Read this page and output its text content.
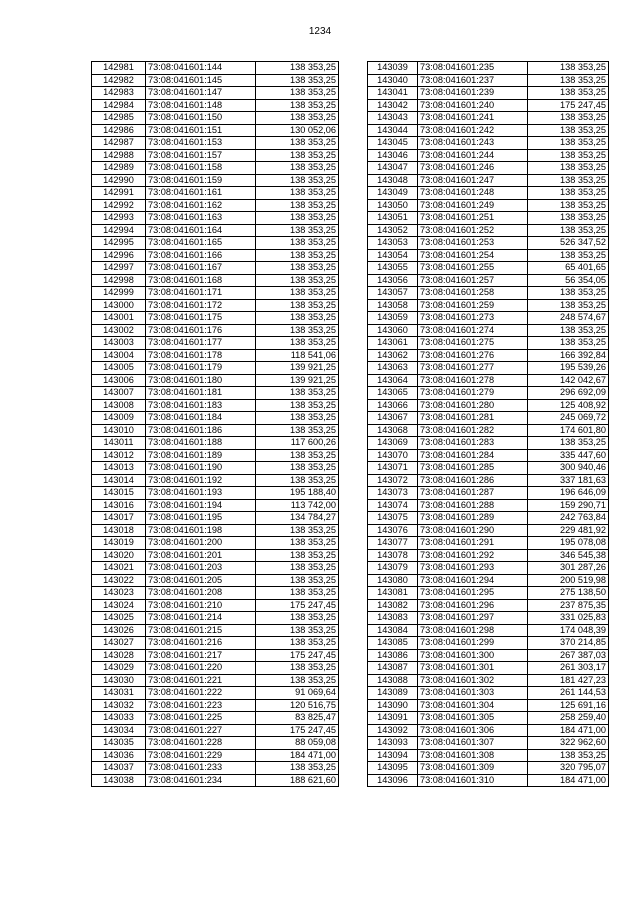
1234
142981	73:08:041601:144	138 353,25
142982	73:08:041601:145	138 353,25
142983	73:08:041601:147	138 353,25
142984	73:08:041601:148	138 353,25
142985	73:08:041601:150	138 353,25
142986	73:08:041601:151	130 052,06
142987	73:08:041601:153	138 353,25
142988	73:08:041601:157	138 353,25
142989	73:08:041601:158	138 353,25
142990	73:08:041601:159	138 353,25
142991	73:08:041601:161	138 353,25
142992	73:08:041601:162	138 353,25
142993	73:08:041601:163	138 353,25
142994	73:08:041601:164	138 353,25
142995	73:08:041601:165	138 353,25
142996	73:08:041601:166	138 353,25
142997	73:08:041601:167	138 353,25
142998	73:08:041601:168	138 353,25
142999	73:08:041601:171	138 353,25
143000	73:08:041601:172	138 353,25
143001	73:08:041601:175	138 353,25
143002	73:08:041601:176	138 353,25
143003	73:08:041601:177	138 353,25
143004	73:08:041601:178	118 541,06
143005	73:08:041601:179	139 921,25
143006	73:08:041601:180	139 921,25
143007	73:08:041601:181	138 353,25
143008	73:08:041601:183	138 353,25
143009	73:08:041601:184	138 353,25
143010	73:08:041601:186	138 353,25
143011	73:08:041601:188	117 600,26
143012	73:08:041601:189	138 353,25
143013	73:08:041601:190	138 353,25
143014	73:08:041601:192	138 353,25
143015	73:08:041601:193	195 188,40
143016	73:08:041601:194	113 742,00
143017	73:08:041601:195	134 784,27
143018	73:08:041601:198	138 353,25
143019	73:08:041601:200	138 353,25
143020	73:08:041601:201	138 353,25
143021	73:08:041601:203	138 353,25
143022	73:08:041601:205	138 353,25
143023	73:08:041601:208	138 353,25
143024	73:08:041601:210	175 247,45
143025	73:08:041601:214	138 353,25
143026	73:08:041601:215	138 353,25
143027	73:08:041601:216	138 353,25
143028	73:08:041601:217	175 247,45
143029	73:08:041601:220	138 353,25
143030	73:08:041601:221	138 353,25
143031	73:08:041601:222	91 069,64
143032	73:08:041601:223	120 516,75
143033	73:08:041601:225	83 825,47
143034	73:08:041601:227	175 247,45
143035	73:08:041601:228	88 059,08
143036	73:08:041601:229	184 471,00
143037	73:08:041601:233	138 353,25
143038	73:08:041601:234	188 621,60
143039	73:08:041601:235	138 353,25
143040	73:08:041601:237	138 353,25
143041	73:08:041601:239	138 353,25
143042	73:08:041601:240	175 247,45
143043	73:08:041601:241	138 353,25
143044	73:08:041601:242	138 353,25
143045	73:08:041601:243	138 353,25
143046	73:08:041601:244	138 353,25
143047	73:08:041601:246	138 353,25
143048	73:08:041601:247	138 353,25
143049	73:08:041601:248	138 353,25
143050	73:08:041601:249	138 353,25
143051	73:08:041601:251	138 353,25
143052	73:08:041601:252	138 353,25
143053	73:08:041601:253	526 347,52
143054	73:08:041601:254	138 353,25
143055	73:08:041601:255	65 401,65
143056	73:08:041601:257	56 354,05
143057	73:08:041601:258	138 353,25
143058	73:08:041601:259	138 353,25
143059	73:08:041601:273	248 574,67
143060	73:08:041601:274	138 353,25
143061	73:08:041601:275	138 353,25
143062	73:08:041601:276	166 392,84
143063	73:08:041601:277	195 539,26
143064	73:08:041601:278	142 042,67
143065	73:08:041601:279	296 692,09
143066	73:08:041601:280	125 408,92
143067	73:08:041601:281	245 069,72
143068	73:08:041601:282	174 601,80
143069	73:08:041601:283	138 353,25
143070	73:08:041601:284	335 447,60
143071	73:08:041601:285	300 940,46
143072	73:08:041601:286	337 181,63
143073	73:08:041601:287	196 646,09
143074	73:08:041601:288	159 290,71
143075	73:08:041601:289	242 763,84
143076	73:08:041601:290	229 481,92
143077	73:08:041601:291	195 078,08
143078	73:08:041601:292	346 545,38
143079	73:08:041601:293	301 287,26
143080	73:08:041601:294	200 519,98
143081	73:08:041601:295	275 138,50
143082	73:08:041601:296	237 875,35
143083	73:08:041601:297	331 025,83
143084	73:08:041601:298	174 048,39
143085	73:08:041601:299	370 214,85
143086	73:08:041601:300	267 387,03
143087	73:08:041601:301	261 303,17
143088	73:08:041601:302	181 427,23
143089	73:08:041601:303	261 144,53
143090	73:08:041601:304	125 691,16
143091	73:08:041601:305	258 259,40
143092	73:08:041601:306	184 471,00
143093	73:08:041601:307	322 962,60
143094	73:08:041601:308	138 353,25
143095	73:08:041601:309	320 795,07
143096	73:08:041601:310	184 471,00
